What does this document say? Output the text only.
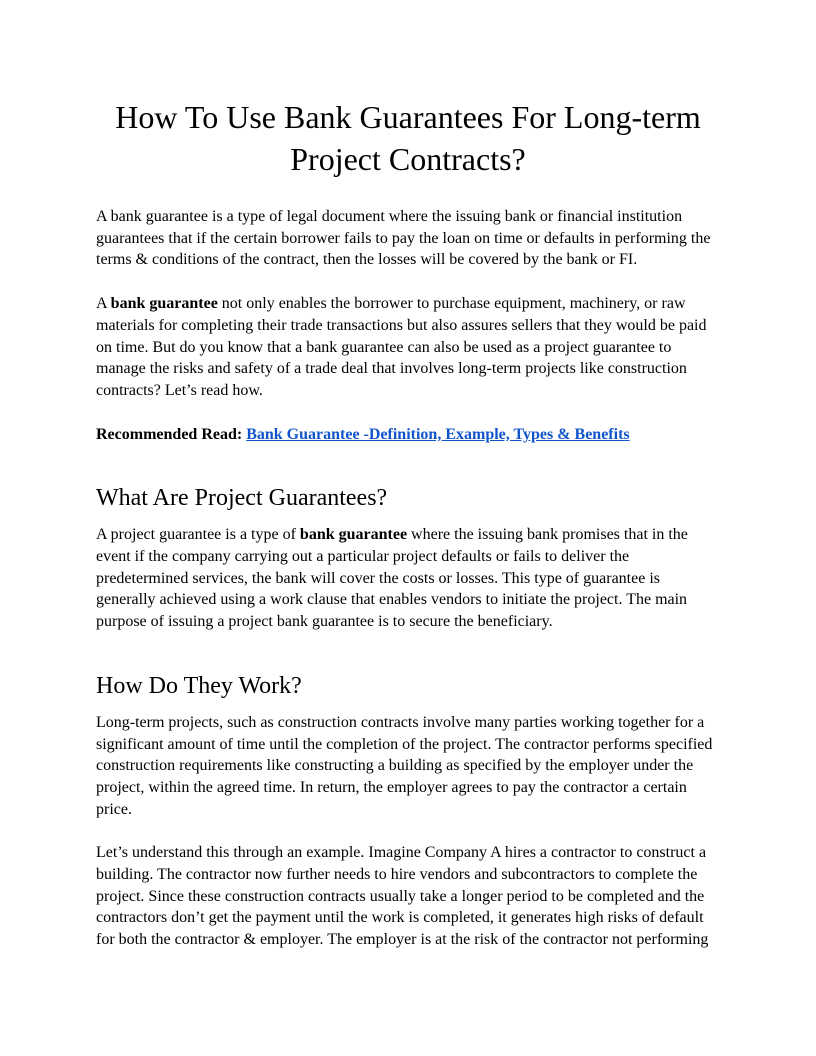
How To Use Bank Guarantees For Long-term Project Contracts?

A bank guarantee is a type of legal document where the issuing bank or financial institution guarantees that if the certain borrower fails to pay the loan on time or defaults in performing the terms & conditions of the contract, then the losses will be covered by the bank or FI.

A bank guarantee not only enables the borrower to purchase equipment, machinery, or raw materials for completing their trade transactions but also assures sellers that they would be paid on time. But do you know that a bank guarantee can also be used as a project guarantee to manage the risks and safety of a trade deal that involves long-term projects like construction contracts? Let’s read how.

Recommended Read: Bank Guarantee -Definition, Example, Types & Benefits

What Are Project Guarantees?

A project guarantee is a type of bank guarantee where the issuing bank promises that in the event if the company carrying out a particular project defaults or fails to deliver the predetermined services, the bank will cover the costs or losses. This type of guarantee is generally achieved using a work clause that enables vendors to initiate the project. The main purpose of issuing a project bank guarantee is to secure the beneficiary.

How Do They Work?

Long-term projects, such as construction contracts involve many parties working together for a significant amount of time until the completion of the project. The contractor performs specified construction requirements like constructing a building as specified by the employer under the project, within the agreed time. In return, the employer agrees to pay the contractor a certain price.

Let’s understand this through an example. Imagine Company A hires a contractor to construct a building. The contractor now further needs to hire vendors and subcontractors to complete the project. Since these construction contracts usually take a longer period to be completed and the contractors don’t get the payment until the work is completed, it generates high risks of default for both the contractor & employer. The employer is at the risk of the contractor not performing
